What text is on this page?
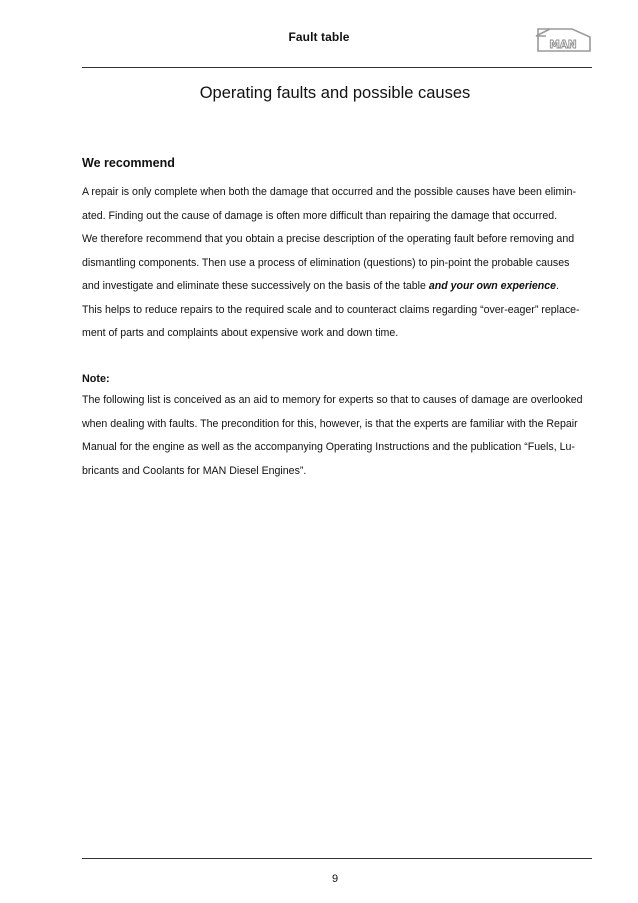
Fault table
MAN
Operating faults and possible causes
We recommend

A repair is only complete when both the damage that occurred and the possible causes have been elimin-

ated. Finding out the cause of damage is often more difficult than repairing the damage that occurred.

We therefore recommend that you obtain a precise description of the operating fault before removing and

dismantling components. Then use a process of elimination (questions) to pin-point the probable causes

and investigate and eliminate these successively on the basis of the table and your own experience.

This helps to reduce repairs to the required scale and to counteract claims regarding “over-eager” replace-

ment of parts and complaints about expensive work and down time.

Note:

The following list is conceived as an aid to memory for experts so that to causes of damage are overlooked

when dealing with faults. The precondition for this, however, is that the experts are familiar with the Repair

Manual for the engine as well as the accompanying Operating Instructions and the publication “Fuels, Lu-

bricants and Coolants for MAN Diesel Engines”.

9
